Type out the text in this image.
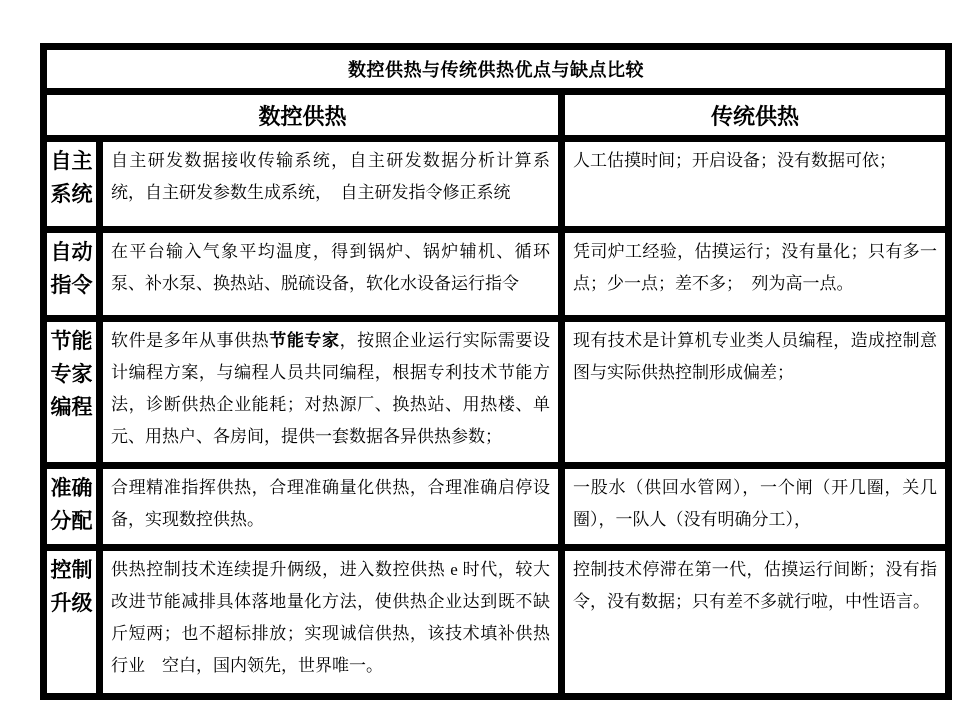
数控供热与传统供热优点与缺点比较		
数控供热		传统供热
自主系统	自主研发数据接收传输系统，自主研发数据分析计算系统，自主研发参数生成系统，　自主研发指令修正系统	人工估摸时间；开启设备；没有数据可依；
自动指令	在平台输入气象平均温度，得到锅炉、锅炉辅机、循环泵、补水泵、换热站、脱硫设备，软化水设备运行指令	凭司炉工经验，估摸运行；没有量化；只有多一点；少一点；差不多；　列为高一点。
节能专家编程	软件是多年从事供热节能专家，按照企业运行实际需要设计编程方案，与编程人员共同编程，根据专利技术节能方法，诊断供热企业能耗；对热源厂、换热站、用热楼、单元、用热户、各房间，提供一套数据各异供热参数；	现有技术是计算机专业类人员编程，造成控制意图与实际供热控制形成偏差；
准确分配	合理精准指挥供热，合理准确量化供热，合理准确启停设备，实现数控供热。	一股水（供回水管网），一个闸（开几圈，关几圈），一队人（没有明确分工），
控制升级	供热控制技术连续提升俩级，进入数控供热 e 时代，较大改进节能减排具体落地量化方法，使供热企业达到既不缺斤短两；也不超标排放；实现诚信供热，该技术填补供热行业　空白，国内领先，世界唯一。	控制技术停滞在第一代，估摸运行间断；没有指令，没有数据；只有差不多就行啦，中性语言。
